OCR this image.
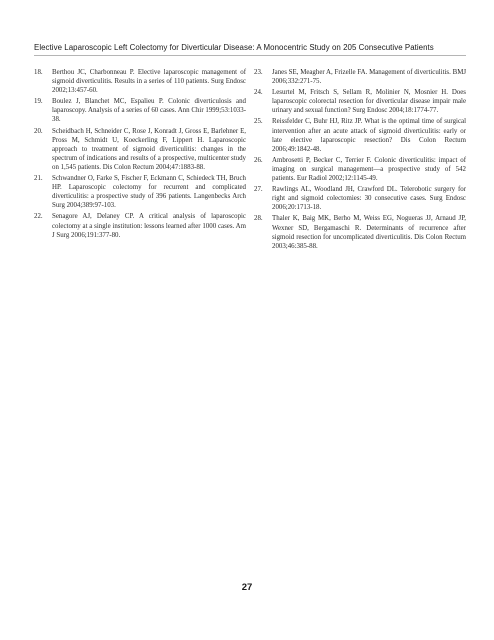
Elective Laparoscopic Left Colectomy for Diverticular Disease: A Monocentric Study on 205 Consecutive Patients
18. Berthou JC, Charbonneau P. Elective laparoscopic management of sigmoid diverticulitis. Results in a series of 110 patients. Surg Endosc 2002;13:457-60.
19. Boulez J, Blanchet MC, Espalieu P. Colonic diverticulosis and laparoscopy. Analysis of a series of 60 cases. Ann Chir 1999;53:1033-38.
20. Scheidbach H, Schneider C, Rose J, Konradt J, Gross E, Barlehner E, Pross M, Schmidt U, Koeckerling F, Lippert H. Laparoscopic approach to treatment of sigmoid diverticulitis: changes in the spectrum of indications and results of a prospective, multicenter study on 1,545 patients. Dis Colon Rectum 2004;47:1883-88.
21. Schwandner O, Farke S, Fischer F, Eckmann C, Schiedeck TH, Bruch HP. Laparoscopic colectomy for recurrent and complicated diverticulitis: a prospective study of 396 patients. Langenbecks Arch Surg 2004;389:97-103.
22. Senagore AJ, Delaney CP. A critical analysis of laparoscopic colectomy at a single institution: lessons learned after 1000 cases. Am J Surg 2006;191:377-80.
23. Janes SE, Meagher A, Frizelle FA. Management of diverticulitis. BMJ 2006;332:271-75.
24. Lesurtel M, Fritsch S, Sellam R, Molinier N, Mosnier H. Does laparoscopic colorectal resection for diverticular disease impair male urinary and sexual function? Surg Endosc 2004;18:1774-77.
25. Reissfelder C, Buhr HJ, Ritz JP. What is the optimal time of surgical intervention after an acute attack of sigmoid diverticulitis: early or late elective laparoscopic resection? Dis Colon Rectum 2006;49:1842-48.
26. Ambrosetti P, Becker C, Terrier F. Colonic diverticulitis: impact of imaging on surgical management—a prospective study of 542 patients. Eur Radiol 2002;12:1145-49.
27. Rawlings AL, Woodland JH, Crawford DL. Telerobotic surgery for right and sigmoid colectomies: 30 consecutive cases. Surg Endosc 2006;20:1713-18.
28. Thaler K, Baig MK, Berho M, Weiss EG, Nogueras JJ, Arnaud JP, Wexner SD, Bergamaschi R. Determinants of recurrence after sigmoid resection for uncomplicated diverticulitis. Dis Colon Rectum 2003;46:385-88.
27
